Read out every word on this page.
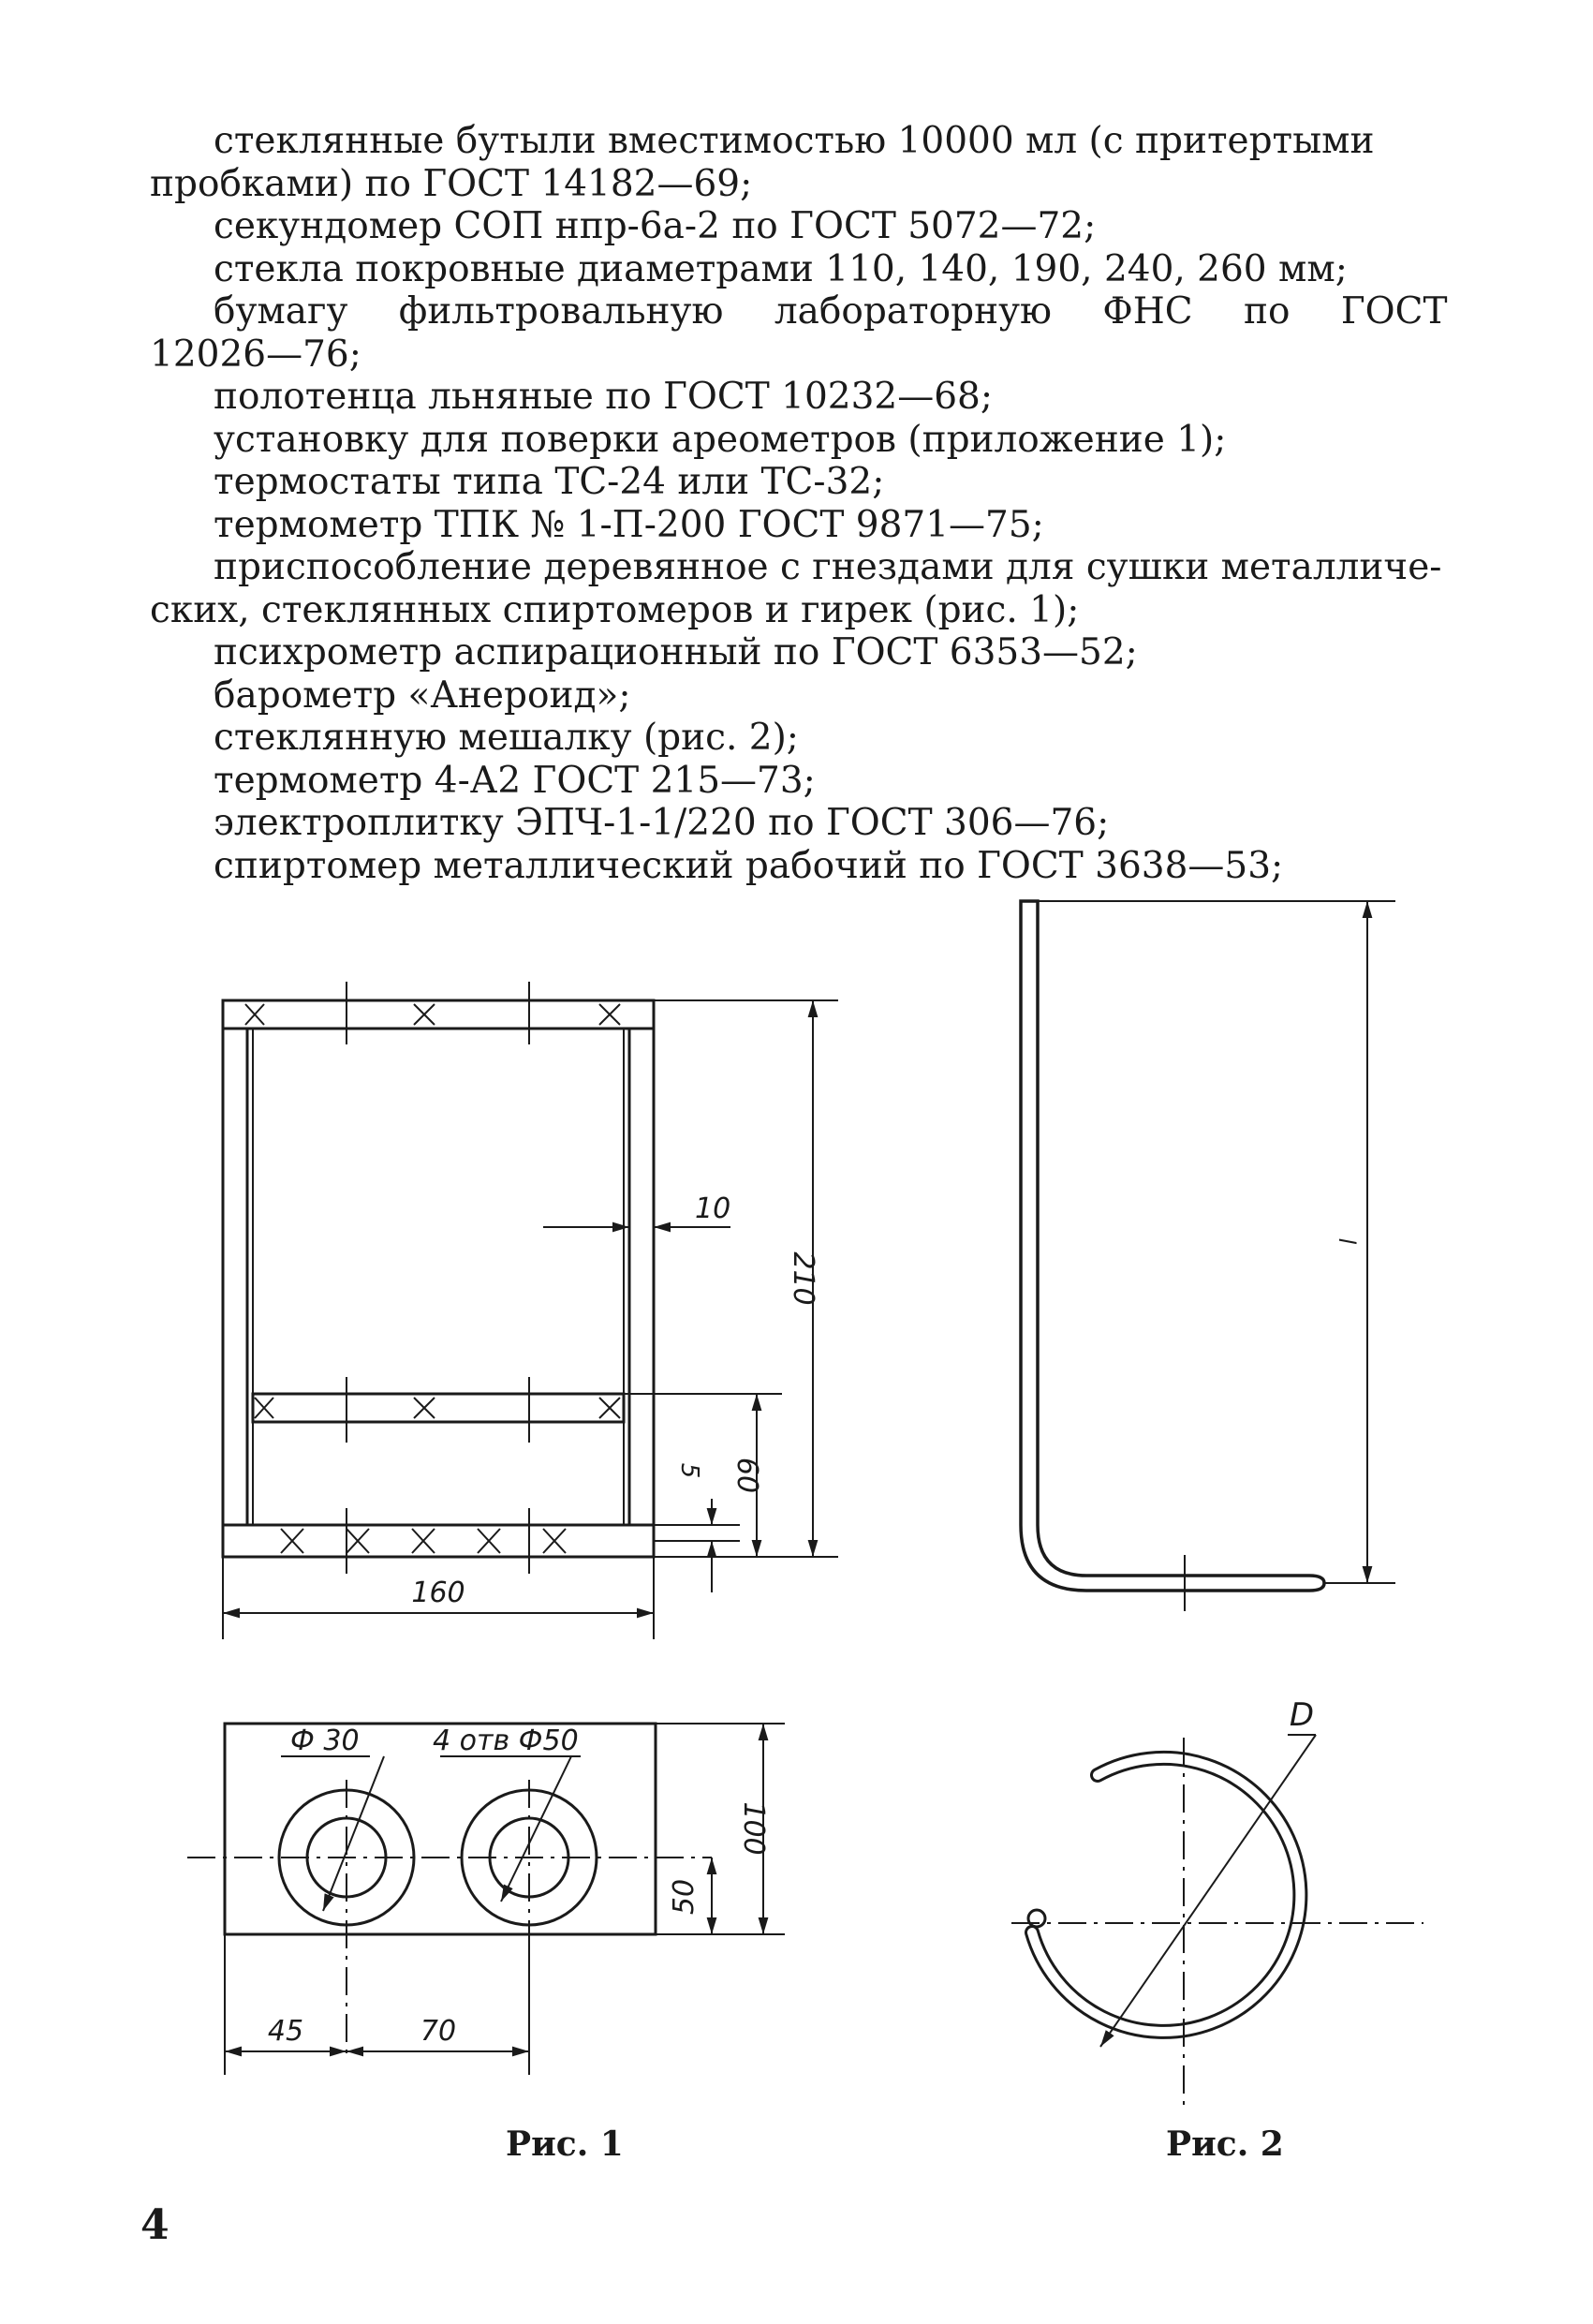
стеклянные бутыли вместимостью 10000 мл (с притертыми
пробками) по ГОСТ 14182—69;
секундомер СОП нпр-6а-2 по ГОСТ 5072—72;
стекла покровные диаметрами 110, 140, 190, 240, 260 мм;
бумагу фильтровальную лабораторную ФНС по ГОСТ
12026—76;
полотенца льняные по ГОСТ 10232—68;
установку для поверки ареометров (приложение 1);
термостаты типа ТС-24 или ТС-32;
термометр ТПК № 1-П-200 ГОСТ 9871—75;
приспособление деревянное с гнездами для сушки металличе-
ских, стеклянных спиртомеров и гирек (рис. 1);
психрометр аспирационный по ГОСТ 6353—52;
барометр «Анероид»;
стеклянную мешалку (рис. 2);
термометр 4-А2 ГОСТ 215—73;
электроплитку ЭПЧ-1-1/220 по ГОСТ 306—76;
спиртомер металлический рабочий по ГОСТ 3638—53;
10
210
5 60
160
Ф 30	4 отв Ф50
100
50
45	70
l
D
Рис. 1	Рис. 2
4
